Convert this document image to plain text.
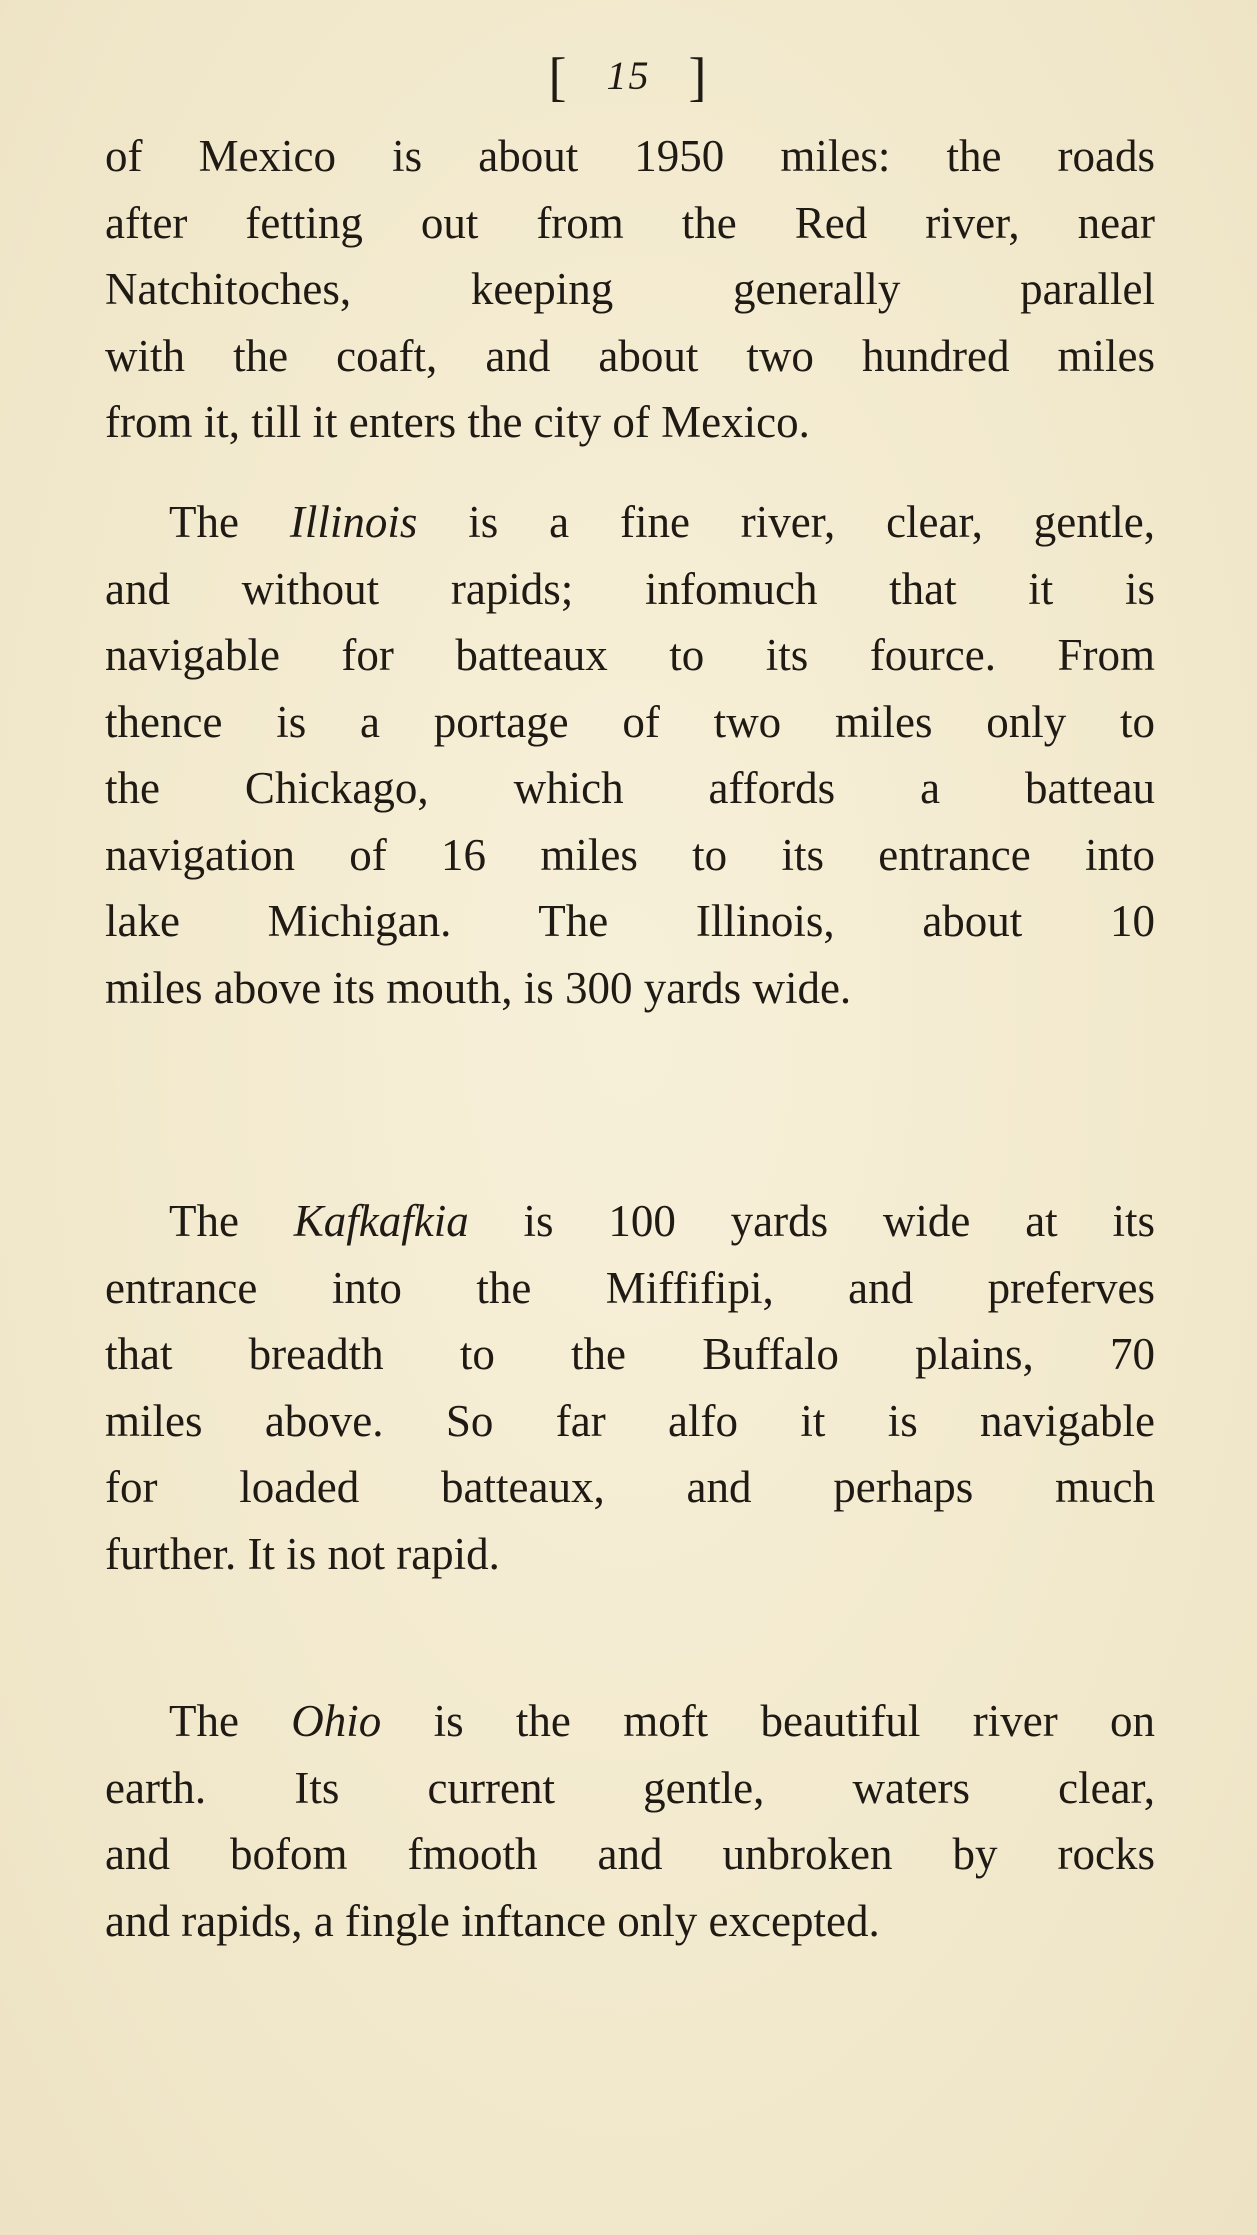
[ 15 ]
of Mexico is about 1950 miles: the roads
after fetting out from the Red river, near
Natchitoches, keeping generally parallel
with the coaft, and about two hundred miles
from it, till it enters the city of Mexico.
The Illinois is a fine river, clear, gentle,
and without rapids; infomuch that it is
navigable for batteaux to its fource. From
thence is a portage of two miles only to
the Chickago, which affords a batteau
navigation of 16 miles to its entrance into
lake Michigan. The Illinois, about 10
miles above its mouth, is 300 yards wide.
The Kafkafkia is 100 yards wide at its
entrance into the Miffifipi, and preferves
that breadth to the Buffalo plains, 70
miles above. So far alfo it is navigable
for loaded batteaux, and perhaps much
further. It is not rapid.
The Ohio is the moft beautiful river on
earth. Its current gentle, waters clear,
and bofom fmooth and unbroken by rocks
and rapids, a fingle inftance only excepted.
